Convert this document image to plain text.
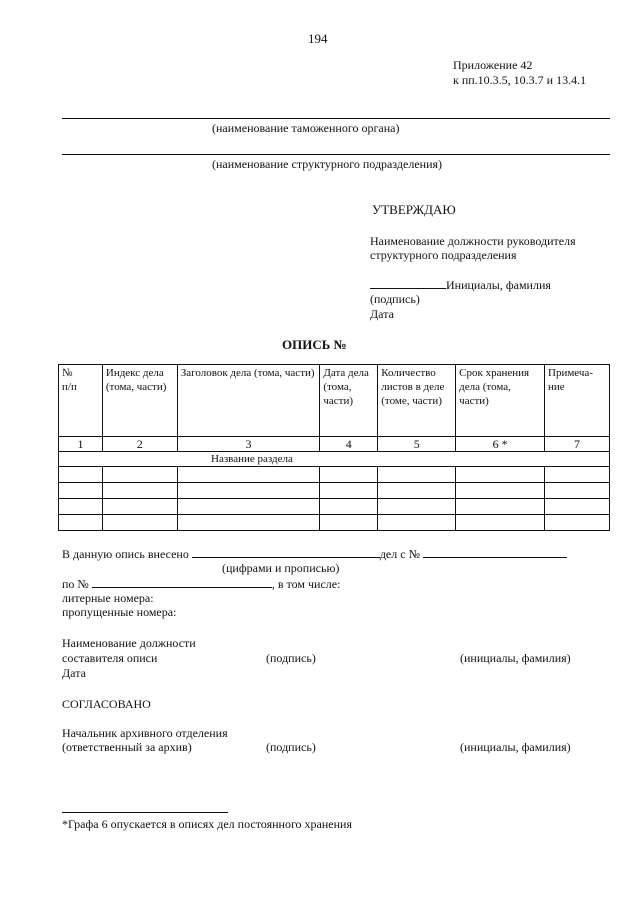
194
Приложение 42
к пп.10.3.5, 10.3.7 и 13.4.1
(наименование таможенного органа)
(наименование структурного подразделения)
УТВЕРЖДАЮ
Наименование должности руководителя
структурного подразделения
Инициалы, фамилия
(подпись)
Дата
ОПИСЬ №
№ п/п	Индекс дела (тома, части)	Заголовок дела (тома, части)	Дата дела (тома, части)	Количество листов в деле (томе, части)	Срок хранения дела (тома, части)	Примеча-ние
1	2	3	4	5	6 *	7
Название раздела						

В данную опись внесено	дел с №
(цифрами и прописью)
по №	, в том числе:
литерные номера:
пропущенные номера:
Наименование должности
составителя описи	(подпись)	(инициалы, фамилия)
Дата
СОГЛАСОВАНО
Начальник архивного отделения
(ответственный за архив)	(подпись)	(инициалы, фамилия)
*Графа 6 опускается в описях дел постоянного хранения
